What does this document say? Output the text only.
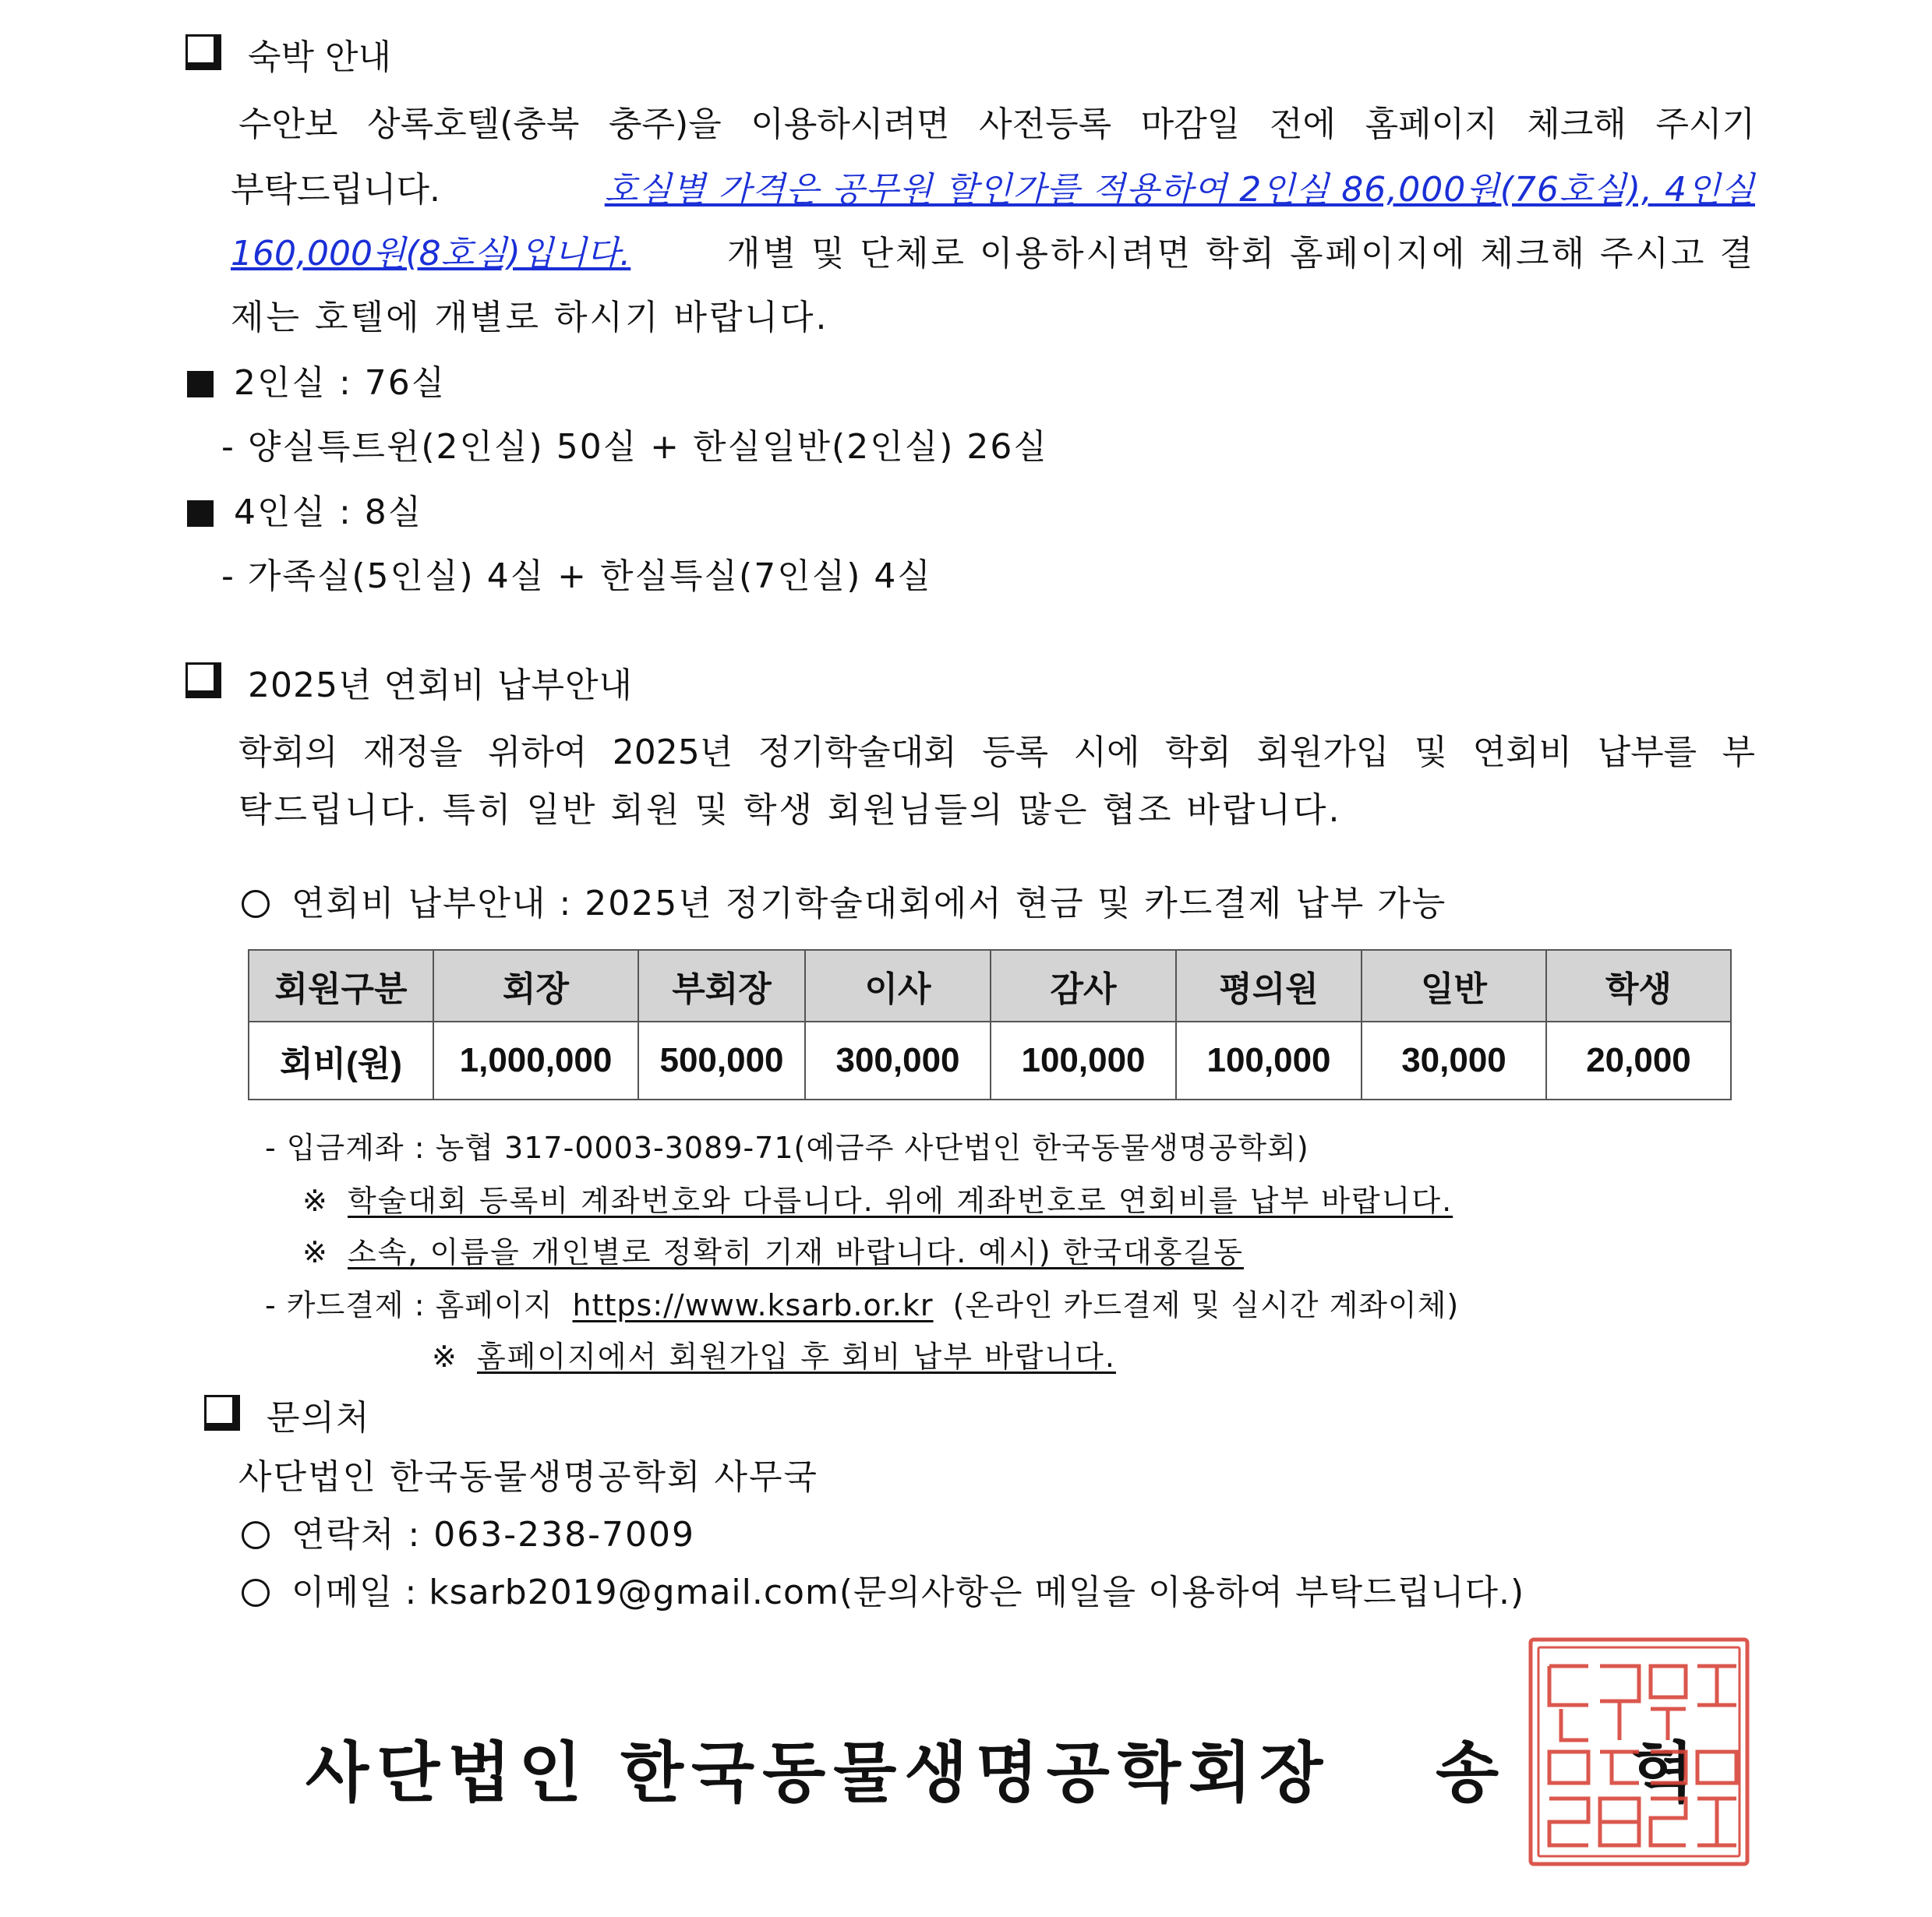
숙박 안내
수안보 상록호텔(충북 충주)을 이용하시려면 사전등록 마감일 전에 홈페이지 체크해 주시기
부탁드립니다.	호실별 가격은 공무원 할인가를 적용하여 2인실 86,000원(76호실), 4인실
160,000원(8호실)입니다.	개별 및 단체로 이용하시려면 학회 홈페이지에 체크해 주시고 결
제는 호텔에 개별로 하시기 바랍니다.
2인실 : 76실
- 양실특트윈(2인실) 50실 + 한실일반(2인실) 26실
4인실 : 8실
- 가족실(5인실) 4실 + 한실특실(7인실) 4실
2025년 연회비 납부안내
학회의 재정을 위하여 2025년 정기학술대회 등록 시에 학회 회원가입 및 연회비 납부를 부
탁드립니다. 특히 일반 회원 및 학생 회원님들의 많은 협조 바랍니다.
연회비 납부안내 : 2025년 정기학술대회에서 현금 및 카드결제 납부 가능
회원구분	회장	부회장	이사	감사	평의원	일반	학생
회비(원)	1,000,000	500,000	300,000	100,000	100,000	30,000	20,000
- 입금계좌 : 농협 317-0003-3089-71(예금주 사단법인 한국동물생명공학회)
※ 학술대회 등록비 계좌번호와 다릅니다. 위에 계좌번호로 연회비를 납부 바랍니다.
※ 소속, 이름을 개인별로 정확히 기재 바랍니다. 예시) 한국대홍길동
- 카드결제 : 홈페이지 https://www.ksarb.or.kr (온라인 카드결제 및 실시간 계좌이체)
※ 홈페이지에서 회원가입 후 회비 납부 바랍니다.
문의처
사단법인 한국동물생명공학회 사무국
연락처 : 063-238-7009
이메일 : ksarb2019@gmail.com(문의사항은 메일을 이용하여 부탁드립니다.)
사단법인 한국동물생명공학회장 송 혁
